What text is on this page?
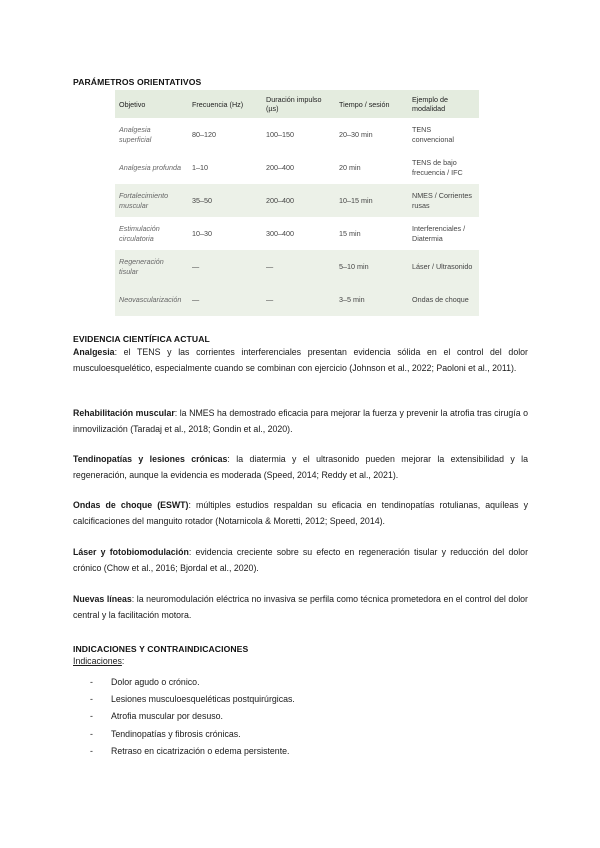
PARÁMETROS ORIENTATIVOS
Objetivo	Frecuencia (Hz)	Duración impulso (µs)	Tiempo / sesión	Ejemplo de modalidad
Analgesia superficial	80–120	100–150	20–30 min	TENS convencional
Analgesia profunda	1–10	200–400	20 min	TENS de bajo frecuencia / IFC
Fortalecimiento muscular	35–50	200–400	10–15 min	NMES / Corrientes rusas
Estimulación circulatoria	10–30	300–400	15 min	Interferenciales / Diatermia
Regeneración tisular	—	—	5–10 min	Láser / Ultrasonido
Neovascularización	—	—	3–5 min	Ondas de choque
EVIDENCIA CIENTÍFICA ACTUAL
Analgesia: el TENS y las corrientes interferenciales presentan evidencia sólida en el control del dolor musculoesquelético, especialmente cuando se combinan con ejercicio (Johnson et al., 2022; Paoloni et al., 2011).
Rehabilitación muscular: la NMES ha demostrado eficacia para mejorar la fuerza y prevenir la atrofia tras cirugía o inmovilización (Taradaj et al., 2018; Gondin et al., 2020).
Tendinopatías y lesiones crónicas: la diatermia y el ultrasonido pueden mejorar la extensibilidad y la regeneración, aunque la evidencia es moderada (Speed, 2014; Reddy et al., 2021).
Ondas de choque (ESWT): múltiples estudios respaldan su eficacia en tendinopatías rotulianas, aquíleas y calcificaciones del manguito rotador (Notarnicola & Moretti, 2012; Speed, 2014).
Láser y fotobiomodulación: evidencia creciente sobre su efecto en regeneración tisular y reducción del dolor crónico (Chow et al., 2016; Bjordal et al., 2020).
Nuevas líneas: la neuromodulación eléctrica no invasiva se perfila como técnica prometedora en el control del dolor central y la facilitación motora.
INDICACIONES Y CONTRAINDICACIONES
Indicaciones:
- Dolor agudo o crónico.
- Lesiones musculoesqueléticas postquirúrgicas.
- Atrofia muscular por desuso.
- Tendinopatías y fibrosis crónicas.
- Retraso en cicatrización o edema persistente.
